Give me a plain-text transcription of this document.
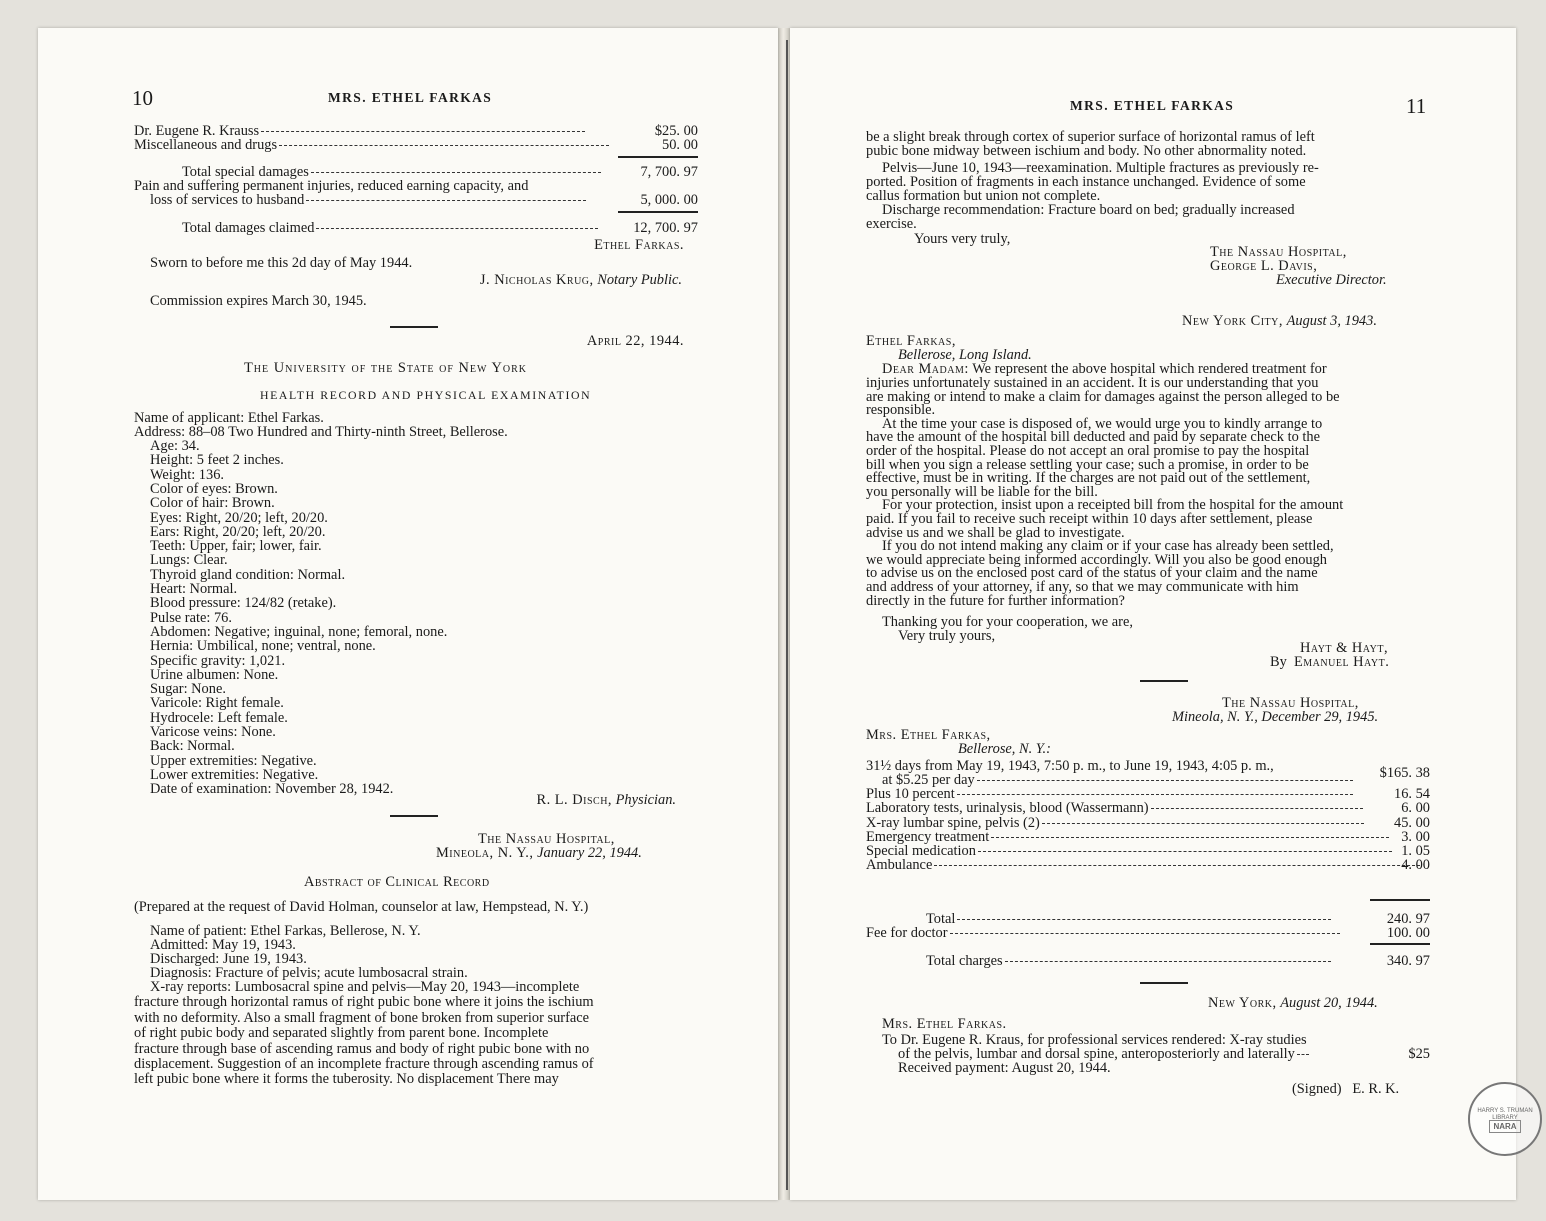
10	MRS. ETHEL FARKAS
Dr. Eugene R. Krauss	$25. 00
Miscellaneous and drugs	50. 00
Total special damages	7, 700. 97
Pain and suffering permanent injuries, reduced earning capacity, and
loss of services to husband	5, 000. 00
Total damages claimed	12, 700. 97
Ethel Farkas.
Sworn to before me this 2d day of May 1944.
J. Nicholas Krug, Notary Public.
Commission expires March 30, 1945.
April 22, 1944.
The University of the State of New York
HEALTH RECORD AND PHYSICAL EXAMINATION
Name of applicant: Ethel Farkas.
Address: 88–08 Two Hundred and Thirty-ninth Street, Bellerose.
Age: 34.
Height: 5 feet 2 inches.
Weight: 136.
Color of eyes: Brown.
Color of hair: Brown.
Eyes: Right, 20/20; left, 20/20.
Ears: Right, 20/20; left, 20/20.
Teeth: Upper, fair; lower, fair.
Lungs: Clear.
Thyroid gland condition: Normal.
Heart: Normal.
Blood pressure: 124/82 (retake).
Pulse rate: 76.
Abdomen: Negative; inguinal, none; femoral, none.
Hernia: Umbilical, none; ventral, none.
Specific gravity: 1,021.
Urine albumen: None.
Sugar: None.
Varicole: Right female.
Hydrocele: Left female.
Varicose veins: None.
Back: Normal.
Upper extremities: Negative.
Lower extremities: Negative.
Date of examination: November 28, 1942.
R. L. Disch, Physician.
The Nassau Hospital,
Mineola, N. Y., January 22, 1944.
Abstract of Clinical Record
(Prepared at the request of David Holman, counselor at law, Hempstead, N. Y.)
Name of patient: Ethel Farkas, Bellerose, N. Y.
Admitted: May 19, 1943.
Discharged: June 19, 1943.
Diagnosis: Fracture of pelvis; acute lumbosacral strain.
X-ray reports: Lumbosacral spine and pelvis—May 20, 1943—incomplete
fracture through horizontal ramus of right pubic bone where it joins the ischium
with no deformity. Also a small fragment of bone broken from superior surface
of right pubic body and separated slightly from parent bone. Incomplete
fracture through base of ascending ramus and body of right pubic bone with no
displacement. Suggestion of an incomplete fracture through ascending ramus of
left pubic bone where it forms the tuberosity. No displacement There may
MRS. ETHEL FARKAS	11
be a slight break through cortex of superior surface of horizontal ramus of left
pubic bone midway between ischium and body. No other abnormality noted.
Pelvis—June 10, 1943—reexamination. Multiple fractures as previously re-
ported. Position of fragments in each instance unchanged. Evidence of some
callus formation but union not complete.
Discharge recommendation: Fracture board on bed; gradually increased
exercise.
Yours very truly,
The Nassau Hospital,
George L. Davis,
Executive Director.
New York City, August 3, 1943.
Ethel Farkas,
Bellerose, Long Island.
Dear Madam: We represent the above hospital which rendered treatment for
injuries unfortunately sustained in an accident. It is our understanding that you
are making or intend to make a claim for damages against the person alleged to be
responsible.
At the time your case is disposed of, we would urge you to kindly arrange to
have the amount of the hospital bill deducted and paid by separate check to the
order of the hospital. Please do not accept an oral promise to pay the hospital
bill when you sign a release settling your case; such a promise, in order to be
effective, must be in writing. If the charges are not paid out of the settlement,
you personally will be liable for the bill.
For your protection, insist upon a receipted bill from the hospital for the amount
paid. If you fail to receive such receipt within 10 days after settlement, please
advise us and we shall be glad to investigate.
If you do not intend making any claim or if your case has already been settled,
we would appreciate being informed accordingly. Will you also be good enough
to advise us on the enclosed post card of the status of your claim and the name
and address of your attorney, if any, so that we may communicate with him
directly in the future for further information?
Thanking you for your cooperation, we are,
Very truly yours,
Hayt & Hayt,
By Emanuel Hayt.
The Nassau Hospital,
Mineola, N. Y., December 29, 1945.
Mrs. Ethel Farkas,
Bellerose, N. Y.:
31½ days from May 19, 1943, 7:50 p. m., to June 19, 1943, 4:05 p. m.,
at $5.25 per day	$165. 38
Plus 10 percent	16. 54
Laboratory tests, urinalysis, blood (Wassermann)	6. 00
X-ray lumbar spine, pelvis (2)	45. 00
Emergency treatment	3. 00
Special medication	1. 05
Ambulance	4. 00
Total	240. 97
Fee for doctor	100. 00
Total charges	340. 97
New York, August 20, 1944.
Mrs. Ethel Farkas.
To Dr. Eugene R. Kraus, for professional services rendered: X-ray studies
of the pelvis, lumbar and dorsal spine, anteroposteriorly and laterally	$25
Received payment: August 20, 1944.
(Signed) E. R. K.
HARRY S. TRUMAN LIBRARY
NARA
